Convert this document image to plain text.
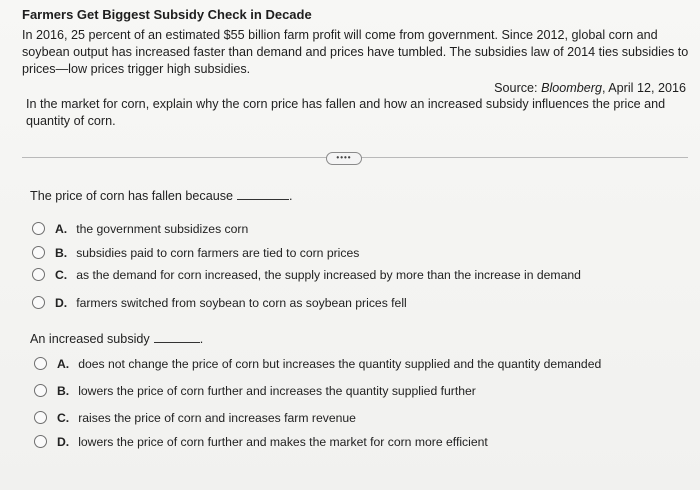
Farmers Get Biggest Subsidy Check in Decade

In 2016, 25 percent of an estimated $55 billion farm profit will come from government. Since 2012, global corn and soybean output has increased faster than demand and prices have tumbled. The subsidies law of 2014 ties subsidies to prices—low prices trigger high subsidies.

Source: Bloomberg, April 12, 2016
In the market for corn, explain why the corn price has fallen and how an increased subsidy influences the price and quantity of corn.
••••
The price of corn has fallen because	.
A. the government subsidizes corn
B. subsidies paid to corn farmers are tied to corn prices
C. as the demand for corn increased, the supply increased by more than the increase in demand
D. farmers switched from soybean to corn as soybean prices fell
An increased subsidy	.
A. does not change the price of corn but increases the quantity supplied and the quantity demanded
B. lowers the price of corn further and increases the quantity supplied further
C. raises the price of corn and increases farm revenue
D. lowers the price of corn further and makes the market for corn more efficient
